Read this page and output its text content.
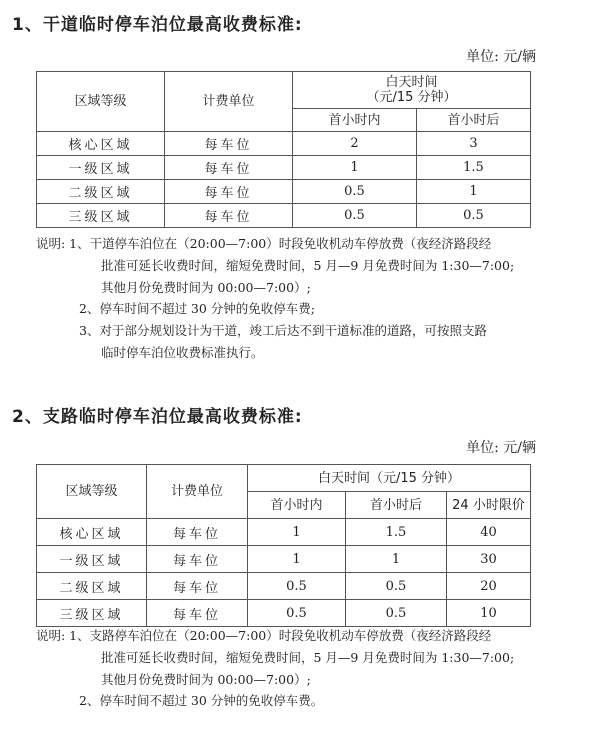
1、干道临时停车泊位最高收费标准:
单位: 元/辆
区域等级	计费单位	白天时间
（元/15 分钟）	

		首小时内	首小时后
核心区域	每车位	2	3
一级区域	每车位	1	1.5
二级区域	每车位	0.5	1
三级区域	每车位	0.5	0.5
说明: 1、干道停车泊位在（20:00—7:00）时段免收机动车停放费（夜经济路段经
批准可延长收费时间，缩短免费时间，5 月—9 月免费时间为 1:30—7:00;
其他月份免费时间为 00:00—7:00）;
2、停车时间不超过 30 分钟的免收停车费;
3、对于部分规划设计为干道，竣工后达不到干道标准的道路，可按照支路
临时停车泊位收费标准执行。
2、支路临时停车泊位最高收费标准:
单位: 元/辆
区域等级	计费单位	白天时间（元/15 分钟）		
		首小时内	首小时后	24 小时限价
核心区域	每车位	1	1.5	40
一级区域	每车位	1	1	30
二级区域	每车位	0.5	0.5	20
三级区域	每车位	0.5	0.5	10
说明: 1、支路停车泊位在（20:00—7:00）时段免收机动车停放费（夜经济路段经
批准可延长收费时间，缩短免费时间，5 月—9 月免费时间为 1:30—7:00;
其他月份免费时间为 00:00—7:00）;
2、停车时间不超过 30 分钟的免收停车费。
